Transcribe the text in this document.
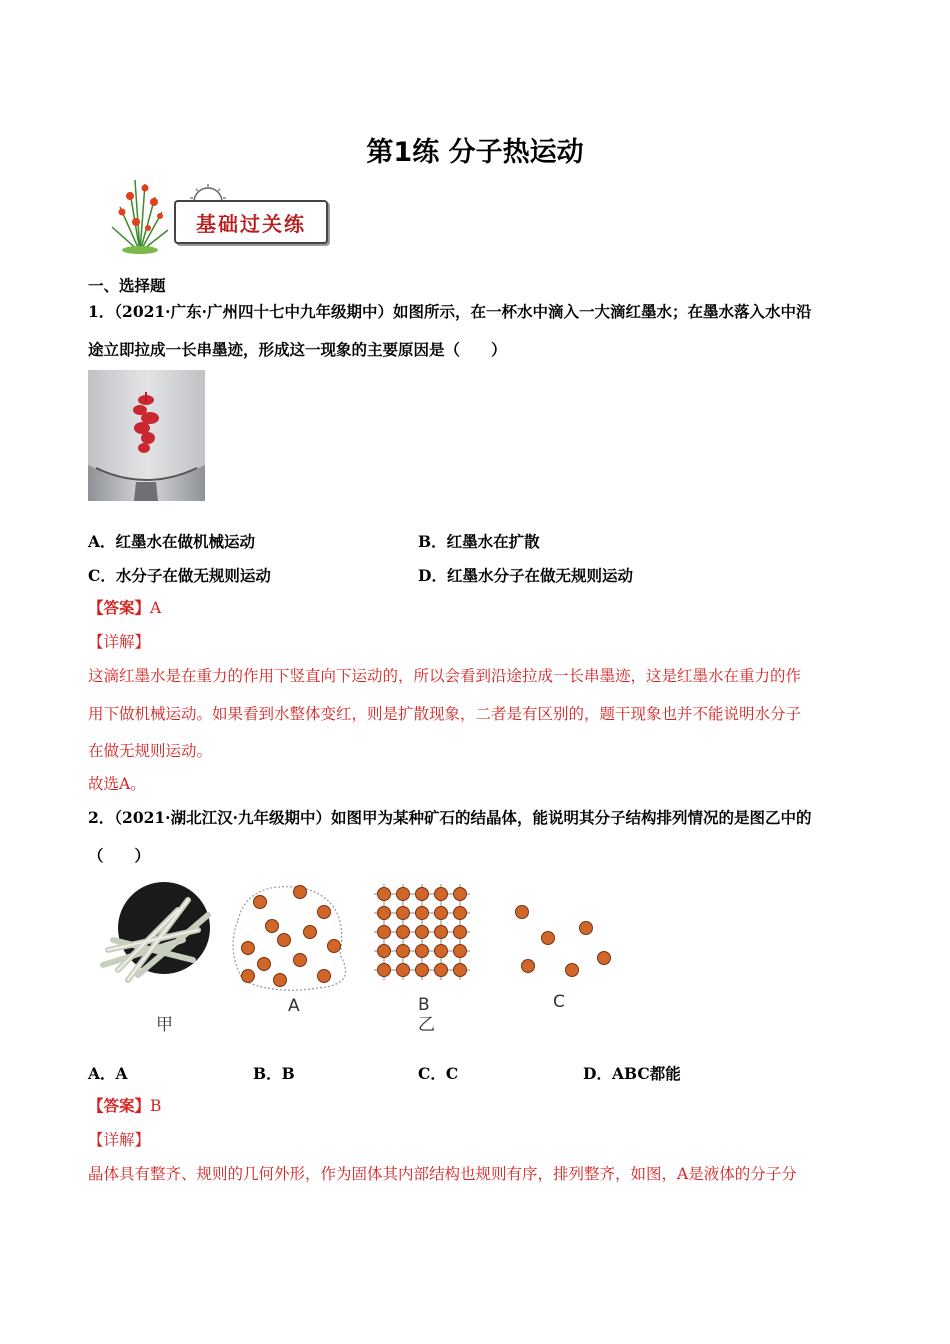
第1练 分子热运动
基础过关练
一、选择题
1．（2021·广东·广州四十七中九年级期中）如图所示，在一杯水中滴入一大滴红墨水；在墨水落入水中沿
途立即拉成一长串墨迹，形成这一现象的主要原因是（　　）
A．红墨水在做机械运动	B．红墨水在扩散
C．水分子在做无规则运动	D．红墨水分子在做无规则运动
【答案】A
【详解】
这滴红墨水是在重力的作用下竖直向下运动的，所以会看到沿途拉成一长串墨迹，这是红墨水在重力的作
用下做机械运动。如果看到水整体变红，则是扩散现象，二者是有区别的，题干现象也并不能说明水分子
在做无规则运动。
故选A。
2．（2021·湖北江汉·九年级期中）如图甲为某种矿石的结晶体，能说明其分子结构排列情况的是图乙中的
（　　）
甲
A	B
乙
C
A．A	B．B	C．C	D．ABC都能
【答案】B
【详解】
晶体具有整齐、规则的几何外形，作为固体其内部结构也规则有序，排列整齐，如图，A是液体的分子分
